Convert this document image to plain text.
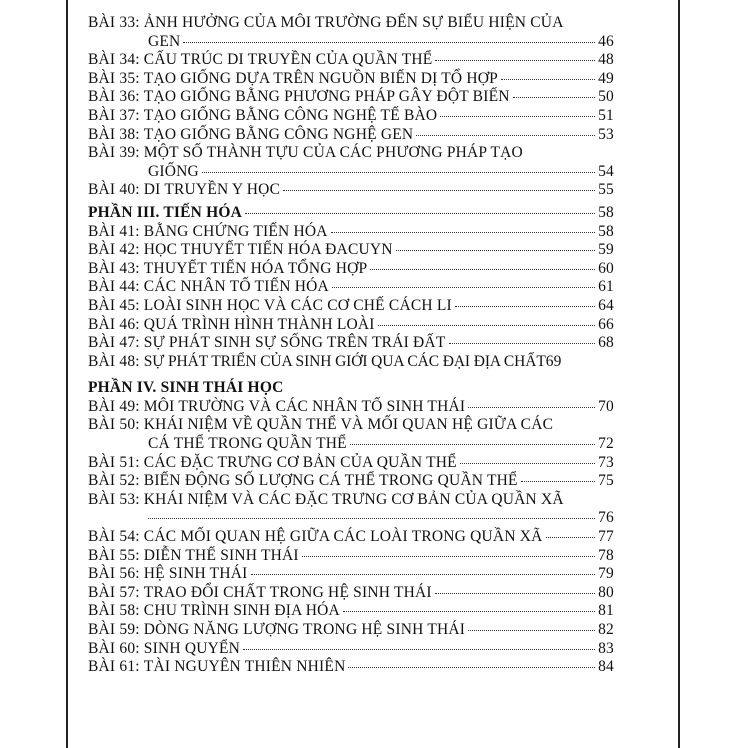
BÀI 33: ẢNH HƯỞNG CỦA MÔI TRƯỜNG ĐẾN SỰ BIỂU HIỆN CỦA
GEN	46
BÀI 34: CẤU TRÚC DI TRUYỀN CỦA QUẦN THỂ	48
BÀI 35: TẠO GIỐNG DỰA TRÊN NGUỒN BIẾN DỊ TỔ HỢP	49
BÀI 36: TẠO GIỐNG BẰNG PHƯƠNG PHÁP GÂY ĐỘT BIẾN	50
BÀI 37: TẠO GIỐNG BẰNG CÔNG NGHỆ TẾ BÀO	51
BÀI 38: TẠO GIỐNG BẰNG CÔNG NGHỆ GEN	53
BÀI 39: MỘT SỐ THÀNH TỰU CỦA CÁC PHƯƠNG PHÁP TẠO
GIỐNG	54
BÀI 40: DI TRUYỀN Y HỌC	55
PHẦN III. TIẾN HÓA	58
BÀI 41: BẰNG CHỨNG TIẾN HÓA	58
BÀI 42: HỌC THUYẾT TIẾN HÓA ĐACUYN	59
BÀI 43: THUYẾT TIẾN HÓA TỔNG HỢP	60
BÀI 44: CÁC NHÂN TỐ TIẾN HÓA	61
BÀI 45: LOÀI SINH HỌC VÀ CÁC CƠ CHẾ CÁCH LI	64
BÀI 46: QUÁ TRÌNH HÌNH THÀNH LOÀI	66
BÀI 47: SỰ PHÁT SINH SỰ SỐNG TRÊN TRÁI ĐẤT	68
BÀI 48: SỰ PHÁT TRIỂN CỦA SINH GIỚI QUA CÁC ĐẠI ĐỊA CHẤT 69
PHẦN IV. SINH THÁI HỌC
BÀI 49: MÔI TRƯỜNG VÀ CÁC NHÂN TỐ SINH THÁI	70
BÀI 50: KHÁI NIỆM VỀ QUẦN THỂ VÀ MỐI QUAN HỆ GIỮA CÁC
CÁ THỂ TRONG QUẦN THỂ	72
BÀI 51: CÁC ĐẶC TRƯNG CƠ BẢN CỦA QUẦN THỂ	73
BÀI 52: BIẾN ĐỘNG SỐ LƯỢNG CÁ THỂ TRONG QUẦN THỂ	75
BÀI 53: KHÁI NIỆM VÀ CÁC ĐẶC TRƯNG CƠ BẢN CỦA QUẦN XÃ
76
BÀI 54: CÁC MỐI QUAN HỆ GIỮA CÁC LOÀI TRONG QUẦN XÃ	77
BÀI 55: DIỄN THẾ SINH THÁI	78
BÀI 56: HỆ SINH THÁI	79
BÀI 57: TRAO ĐỔI CHẤT TRONG HỆ SINH THÁI	80
BÀI 58: CHU TRÌNH SINH ĐỊA HÓA	81
BÀI 59: DÒNG NĂNG LƯỢNG TRONG HỆ SINH THÁI	82
BÀI 60: SINH QUYỂN	83
BÀI 61: TÀI NGUYÊN THIÊN NHIÊN	84
